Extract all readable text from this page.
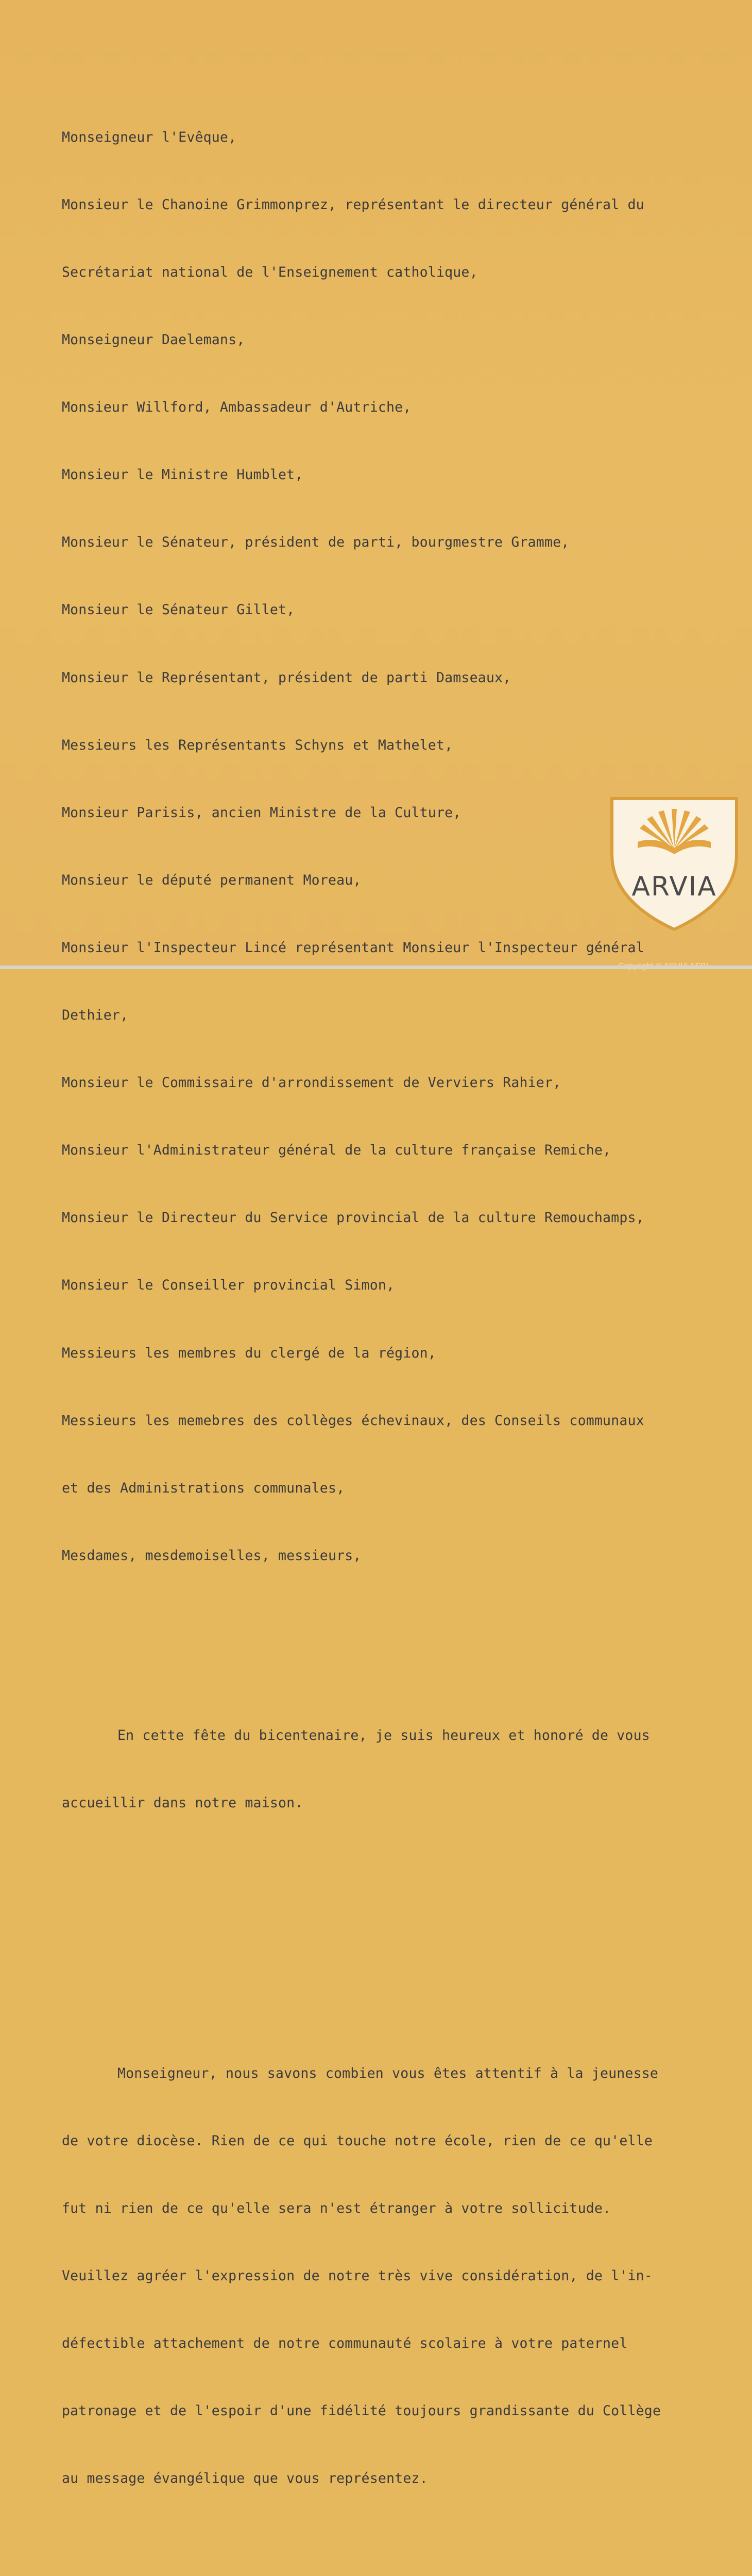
Monseigneur l'Evêque,

Monsieur le Chanoine Grimmonprez, représentant le directeur général du

Secrétariat national de l'Enseignement catholique,

Monseigneur Daelemans,

Monsieur Willford, Ambassadeur d'Autriche,

Monsieur le Ministre Humblet,

Monsieur le Sénateur, président de parti, bourgmestre Gramme,

Monsieur le Sénateur Gillet,

Monsieur le Représentant, président de parti Damseaux,

Messieurs les Représentants Schyns et Mathelet,

Monsieur Parisis, ancien Ministre de la Culture,

Monsieur le député permanent Moreau,

Monsieur l'Inspecteur Lincé représentant Monsieur l'Inspecteur général

Dethier,

Monsieur le Commissaire d'arrondissement de Verviers Rahier,

Monsieur l'Administrateur général de la culture française Remiche,

Monsieur le Directeur du Service provincial de la culture Remouchamps,

Monsieur le Conseiller provincial Simon,

Messieurs les membres du clergé de la région,

Messieurs les memebres des collèges échevinaux, des Conseils communaux

et des Administrations communales,

Mesdames, mesdemoiselles, messieurs,

En cette fête du bicentenaire, je suis heureux et honoré de vous

accueillir dans notre maison.

Monseigneur, nous savons combien vous êtes attentif à la jeunesse

de votre diocèse. Rien de ce qui touche notre école, rien de ce qu'elle

fut ni rien de ce qu'elle sera n'est étranger à votre sollicitude.

Veuillez agréer l'expression de notre très vive considération, de l'in-

défectible attachement de notre communauté scolaire à votre paternel

patronage et de l'espoir d'une fidélité toujours grandissante du Collège

au message évangélique que vous représentez.

ARVIA
